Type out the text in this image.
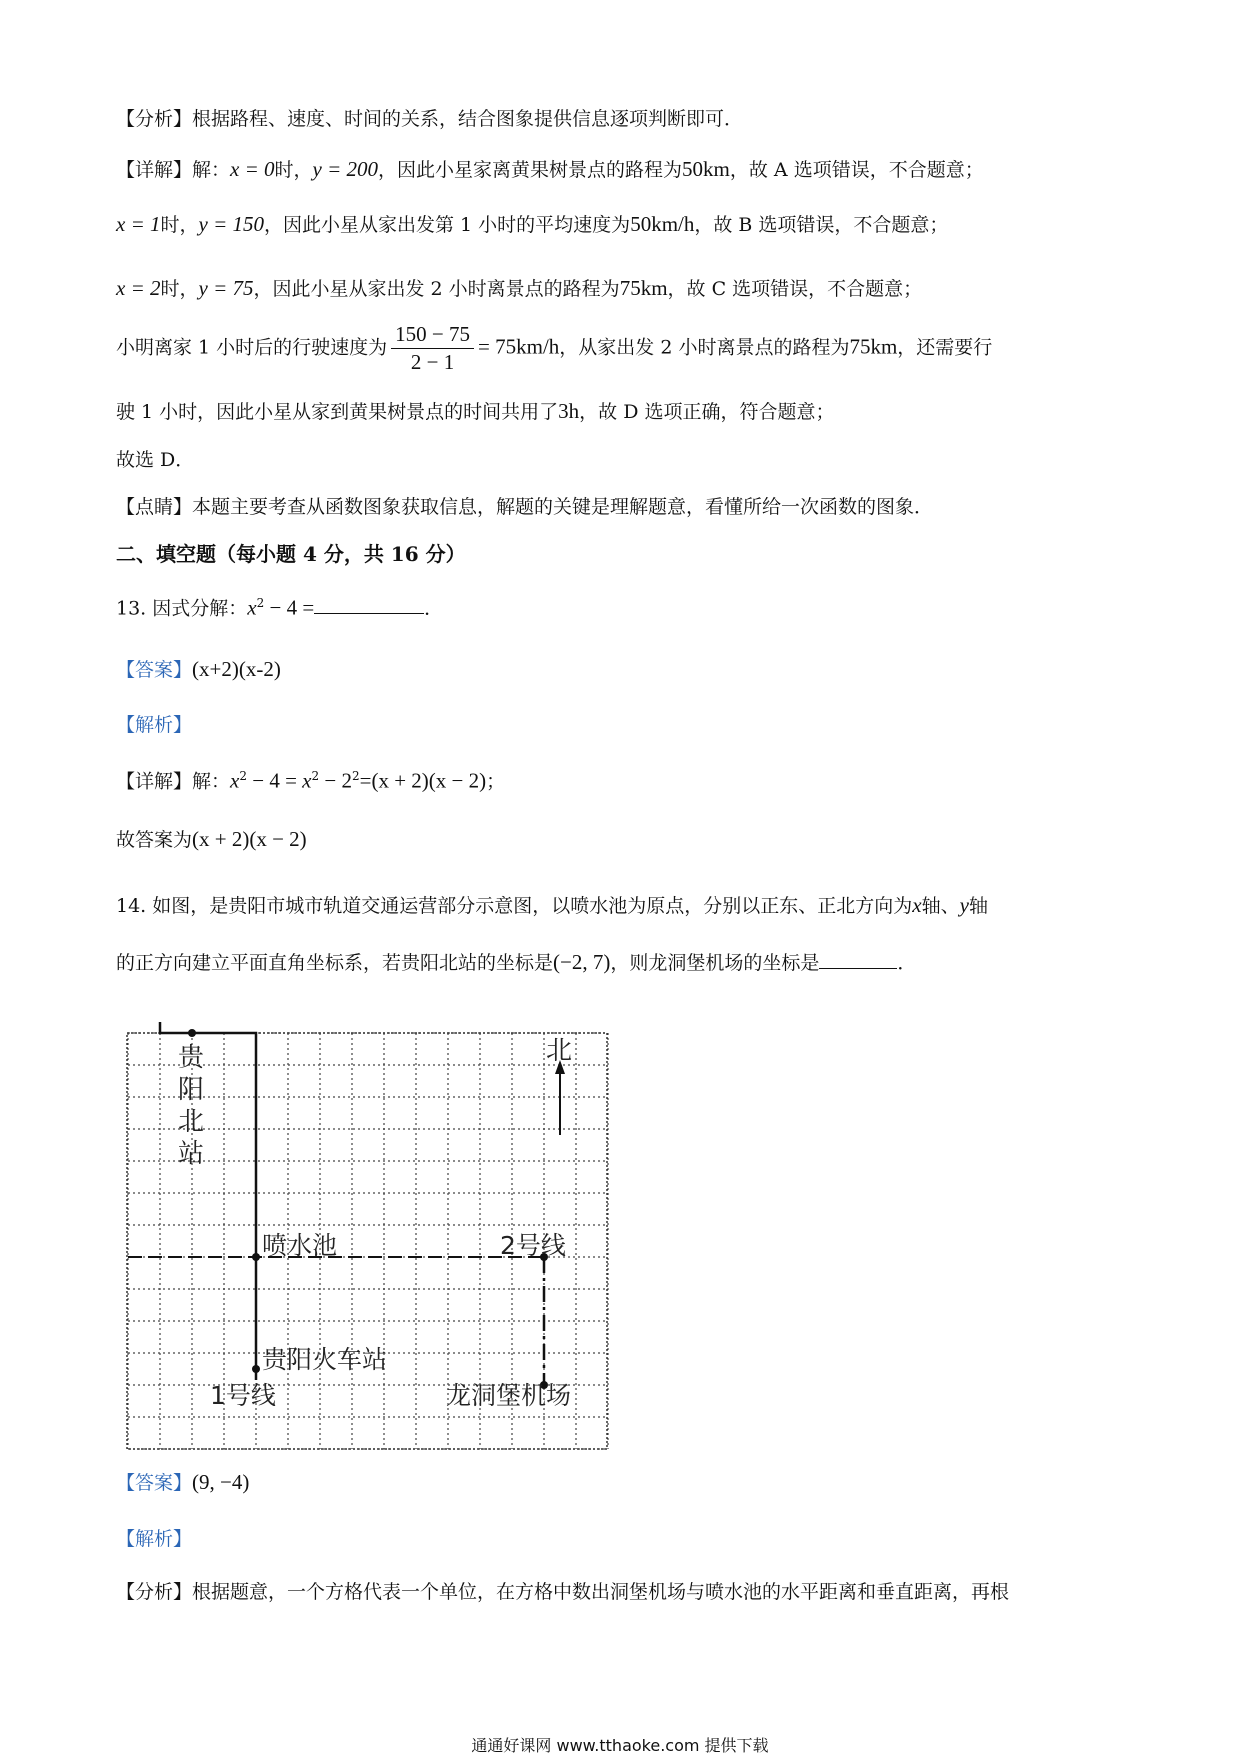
【分析】根据路程、速度、时间的关系，结合图象提供信息逐项判断即可．
【详解】解：x = 0时，y = 200，因此小星家离黄果树景点的路程为50km，故 A 选项错误，不合题意；
x = 1时，y = 150，因此小星从家出发第 1 小时的平均速度为50km/h，故 B 选项错误，不合题意；
x = 2时，y = 75，因此小星从家出发 2 小时离景点的路程为75km，故 C 选项错误，不合题意；
小明离家 1 小时后的行驶速度为 $\frac{150 - 75}{2 - 1} = 75km/h$，从家出发 2 小时离景点的路程为75km，还需要行
驶 1 小时，因此小星从家到黄果树景点的时间共用了3h，故 D 选项正确，符合题意；
故选 D．
【点睛】本题主要考查从函数图象获取信息，解题的关键是理解题意，看懂所给一次函数的图象．
二、填空题（每小题 4 分，共 16 分）
13. 因式分解：$x^2 - 4$ =	．
【答案】(x+2)(x-2)
【解析】
【详解】解：$x^2 - 4 = x^2 - 2^2=(x + 2)(x - 2)$；
故答案为(x + 2)(x − 2)
14. 如图，是贵阳市城市轨道交通运营部分示意图，以喷水池为原点，分别以正东、正北方向为x轴、y轴
的正方向建立平面直角坐标系，若贵阳北站的坐标是(−2, 7)，则龙洞堡机场的坐标是	．
北
贵阳北站
喷水池	2号线
贵阳火车站
1号线	龙洞堡机场
【答案】(9, −4)
【解析】
【分析】根据题意，一个方格代表一个单位，在方格中数出洞堡机场与喷水池的水平距离和垂直距离，再根
通通好课网 www.tthaoke.com 提供下载
